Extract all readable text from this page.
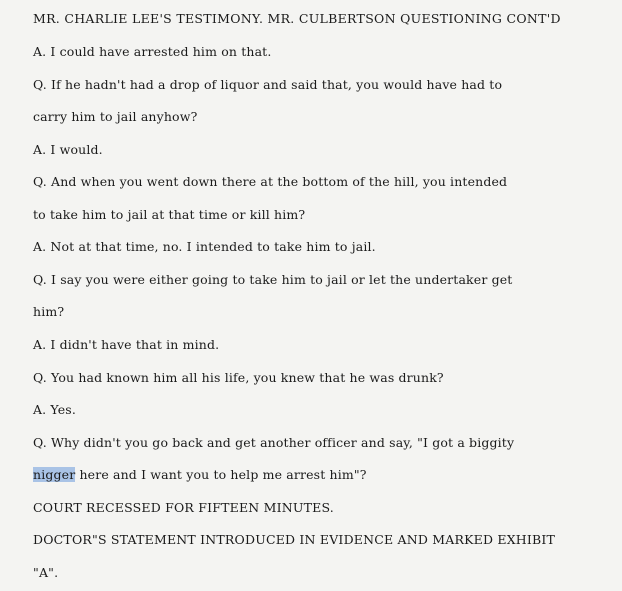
MR. CHARLIE LEE'S TESTIMONY. MR. CULBERTSON QUESTIONING CONT'D
A. I could have arrested him on that.
Q. If he hadn't had a drop of liquor and said that, you would have had to
carry him to jail anyhow?
A. I would.
Q. And when you went down there at the bottom of the hill, you intended
to take him to jail at that time or kill him?
A. Not at that time, no. I intended to take him to jail.
Q. I say you were either going to take him to jail or let the undertaker get
him?
A. I didn't have that in mind.
Q. You had known him all his life, you knew that he was drunk?
A. Yes.
Q. Why didn't you go back and get another officer and say, "I got a biggity
nigger here and I want you to help me arrest him"?
COURT RECESSED FOR FIFTEEN MINUTES.
DOCTOR"S STATEMENT INTRODUCED IN EVIDENCE AND MARKED EXHIBIT
"A".
